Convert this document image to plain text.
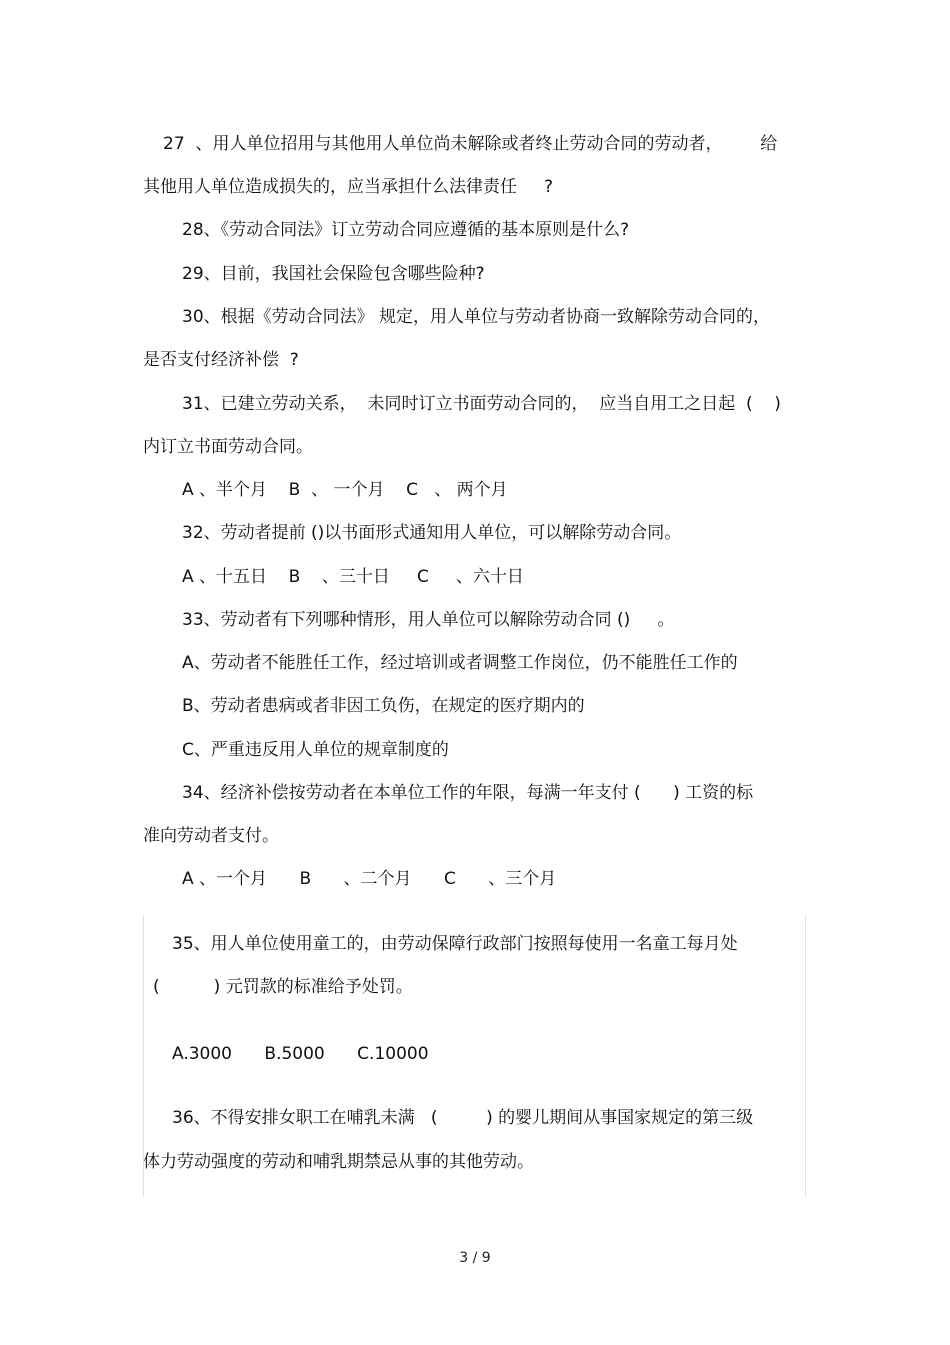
27  、用人单位招用与其他用人单位尚未解除或者终止劳动合同的劳动者，       给
其他用人单位造成损失的，应当承担什么法律责任     ?
28、《劳动合同法》订立劳动合同应遵循的基本原则是什么?
29、目前，我国社会保险包含哪些险种?
30、根据《劳动合同法》 规定，用人单位与劳动者协商一致解除劳动合同的，
是否支付经济补偿  ?
31、已建立劳动关系，  未同时订立书面劳动合同的，  应当自用工之日起  (    )
内订立书面劳动合同。
A 、半个月    B  、 一个月    C   、 两个月
32、劳动者提前 ()以书面形式通知用人单位，可以解除劳动合同。
A 、十五日    B    、三十日     C     、六十日
33、劳动者有下列哪种情形，用人单位可以解除劳动合同 ()     。
A、劳动者不能胜任工作，经过培训或者调整工作岗位，仍不能胜任工作的
B、劳动者患病或者非因工负伤，在规定的医疗期内的
C、严重违反用人单位的规章制度的
34、经济补偿按劳动者在本单位工作的年限，每满一年支付 (      ) 工资的标
准向劳动者支付。
A 、一个月      B      、二个月      C      、三个月
35、用人单位使用童工的，由劳动保障行政部门按照每使用一名童工每月处
(          ) 元罚款的标准给予处罚。
A.3000      B.5000      C.10000
36、不得安排女职工在哺乳未满   (         ) 的婴儿期间从事国家规定的第三级
体力劳动强度的劳动和哺乳期禁忌从事的其他劳动。
3 / 9
